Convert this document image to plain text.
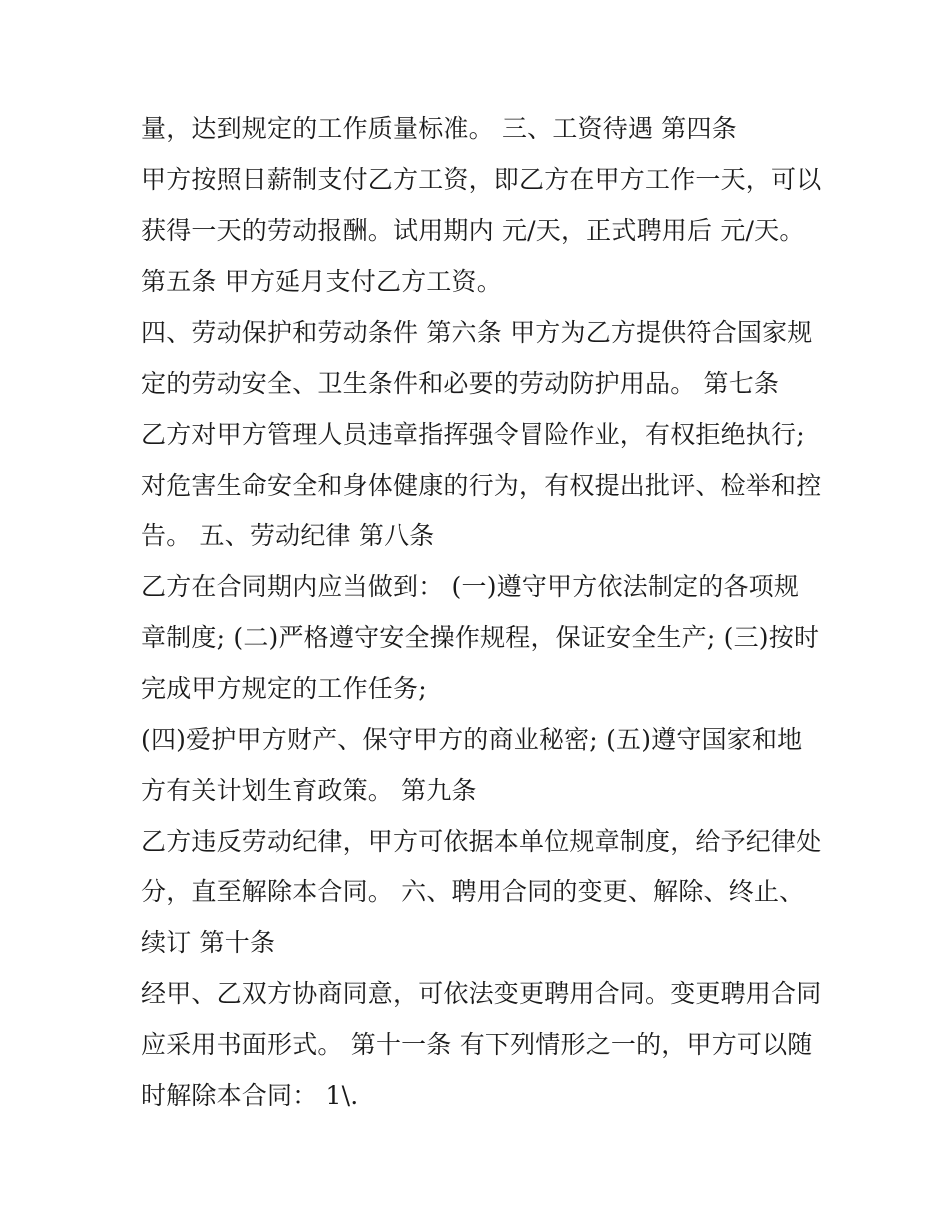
量，达到规定的工作质量标准。 三、工资待遇 第四条

甲方按照日薪制支付乙方工资，即乙方在甲方工作一天，可以

获得一天的劳动报酬。试用期内 元/天，正式聘用后 元/天。

第五条 甲方延月支付乙方工资。

四、劳动保护和劳动条件 第六条 甲方为乙方提供符合国家规

定的劳动安全、卫生条件和必要的劳动防护用品。 第七条

乙方对甲方管理人员违章指挥强令冒险作业，有权拒绝执行;

对危害生命安全和身体健康的行为，有权提出批评、检举和控

告。 五、劳动纪律 第八条

乙方在合同期内应当做到： (一)遵守甲方依法制定的各项规

章制度; (二)严格遵守安全操作规程，保证安全生产; (三)按时

完成甲方规定的工作任务;

(四)爱护甲方财产、保守甲方的商业秘密; (五)遵守国家和地

方有关计划生育政策。 第九条

乙方违反劳动纪律，甲方可依据本单位规章制度，给予纪律处

分，直至解除本合同。 六、聘用合同的变更、解除、终止、

续订 第十条

经甲、乙双方协商同意，可依法变更聘用合同。变更聘用合同

应采用书面形式。 第十一条 有下列情形之一的，甲方可以随

时解除本合同： 1\.
